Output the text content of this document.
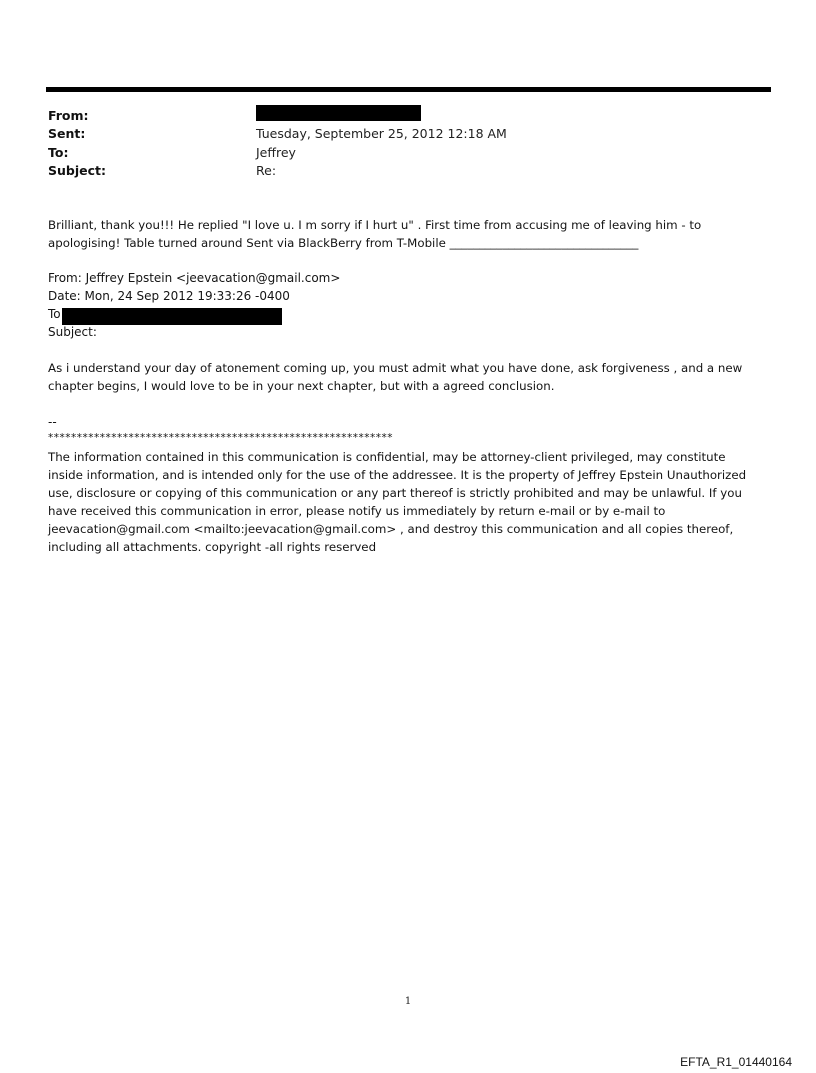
From:
Sent:	Tuesday, September 25, 2012 12:18 AM
To:	Jeffrey
Subject:	Re:
Brilliant, thank you!!! He replied "I love u. I m sorry if I hurt u" . First time from accusing me of leaving him - to
apologising! Table turned around Sent via BlackBerry from T-Mobile ________________________________
From: Jeffrey Epstein <jeevacation@gmail.com>
Date: Mon, 24 Sep 2012 19:33:26 -0400
To
Subject:
As i understand your day of atonement coming up, you must admit what you have done, ask forgiveness , and a new
chapter begins, I would love to be in your next chapter, but with a agreed conclusion.
--
************************************************************
The information contained in this communication is confidential, may be attorney-client privileged, may constitute
inside information, and is intended only for the use of the addressee. It is the property of Jeffrey Epstein Unauthorized
use, disclosure or copying of this communication or any part thereof is strictly prohibited and may be unlawful. If you
have received this communication in error, please notify us immediately by return e-mail or by e-mail to
jeevacation@gmail.com <mailto:jeevacation@gmail.com> , and destroy this communication and all copies thereof,
including all attachments. copyright -all rights reserved
1
EFTA_R1_01440164
